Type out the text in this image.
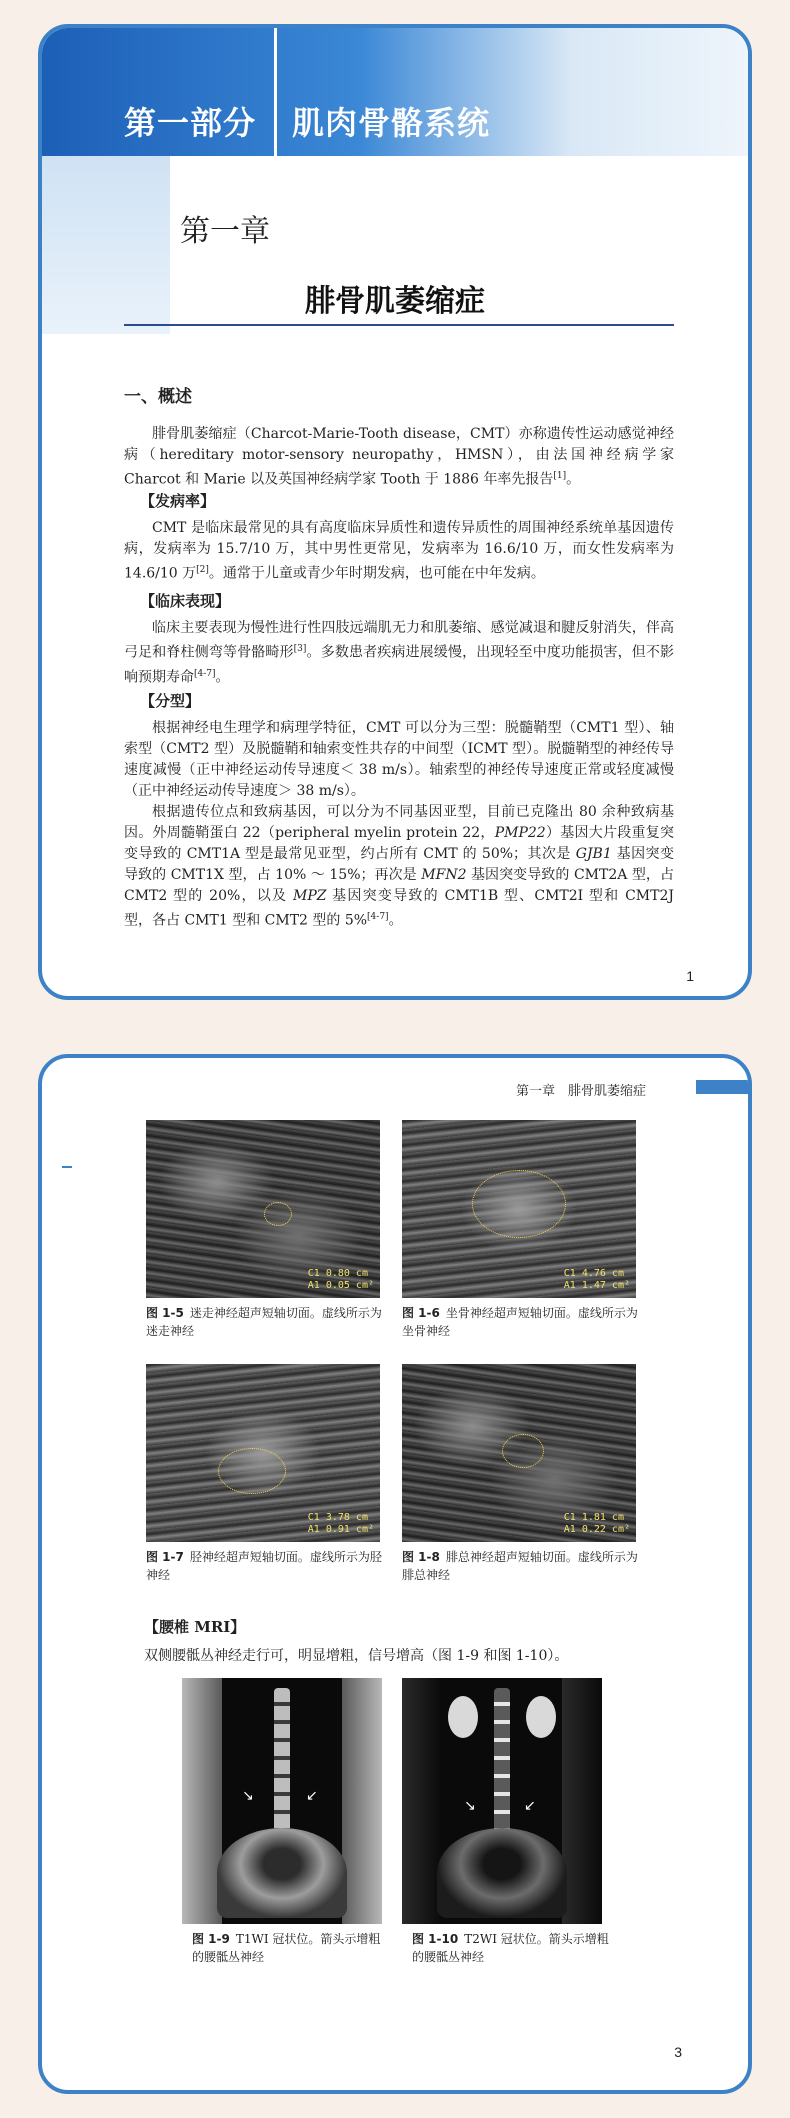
第一部分 肌肉骨骼系统
第一章
腓骨肌萎缩症
一、概述

腓骨肌萎缩症（Charcot-Marie-Tooth disease，CMT）亦称遗传性运动感觉神经病（hereditary motor-sensory neuropathy，HMSN），由法国神经病学家 Charcot 和 Marie 以及英国神经病学家 Tooth 于 1886 年率先报告[1]。

【发病率】

CMT 是临床最常见的具有高度临床异质性和遗传异质性的周围神经系统单基因遗传病，发病率为 15.7/10 万，其中男性更常见，发病率为 16.6/10 万，而女性发病率为 14.6/10 万[2]。通常于儿童或青少年时期发病，也可能在中年发病。

【临床表现】

临床主要表现为慢性进行性四肢远端肌无力和肌萎缩、感觉减退和腱反射消失，伴高弓足和脊柱侧弯等骨骼畸形[3]。多数患者疾病进展缓慢，出现轻至中度功能损害，但不影响预期寿命[4-7]。

【分型】

根据神经电生理学和病理学特征，CMT 可以分为三型：脱髓鞘型（CMT1 型）、轴索型（CMT2 型）及脱髓鞘和轴索变性共存的中间型（ICMT 型）。脱髓鞘型的神经传导速度减慢（正中神经运动传导速度＜ 38 m/s）。轴索型的神经传导速度正常或轻度减慢（正中神经运动传导速度＞ 38 m/s）。

根据遗传位点和致病基因，可以分为不同基因亚型，目前已克隆出 80 余种致病基因。外周髓鞘蛋白 22（peripheral myelin protein 22，PMP22）基因大片段重复突变导致的 CMT1A 型是最常见亚型，约占所有 CMT 的 50%；其次是 GJB1 基因突变导致的 CMT1X 型，占 10% ～ 15%；再次是 MFN2 基因突变导致的 CMT2A 型，占 CMT2 型的 20%，以及 MPZ 基因突变导致的 CMT1B 型、CMT2I 型和 CMT2J 型，各占 CMT1 型和 CMT2 型的 5%[4-7]。

1
第一章　腓骨肌萎缩症
C1 0.80 cm
A1 0.05 cm²
图 1-5 迷走神经超声短轴切面。虚线所示为迷走神经
C1 4.76 cm
A1 1.47 cm²
图 1-6 坐骨神经超声短轴切面。虚线所示为坐骨神经
C1 3.78 cm
A1 0.91 cm²
图 1-7 胫神经超声短轴切面。虚线所示为胫神经
C1 1.81 cm
A1 0.22 cm²
图 1-8 腓总神经超声短轴切面。虚线所示为腓总神经
【腰椎 MRI】

双侧腰骶丛神经走行可，明显增粗，信号增高（图 1-9 和图 1-10）。

↘	↙
图 1-9 T1WI 冠状位。箭头示增粗的腰骶丛神经
↘	↙
图 1-10 T2WI 冠状位。箭头示增粗的腰骶丛神经
3
